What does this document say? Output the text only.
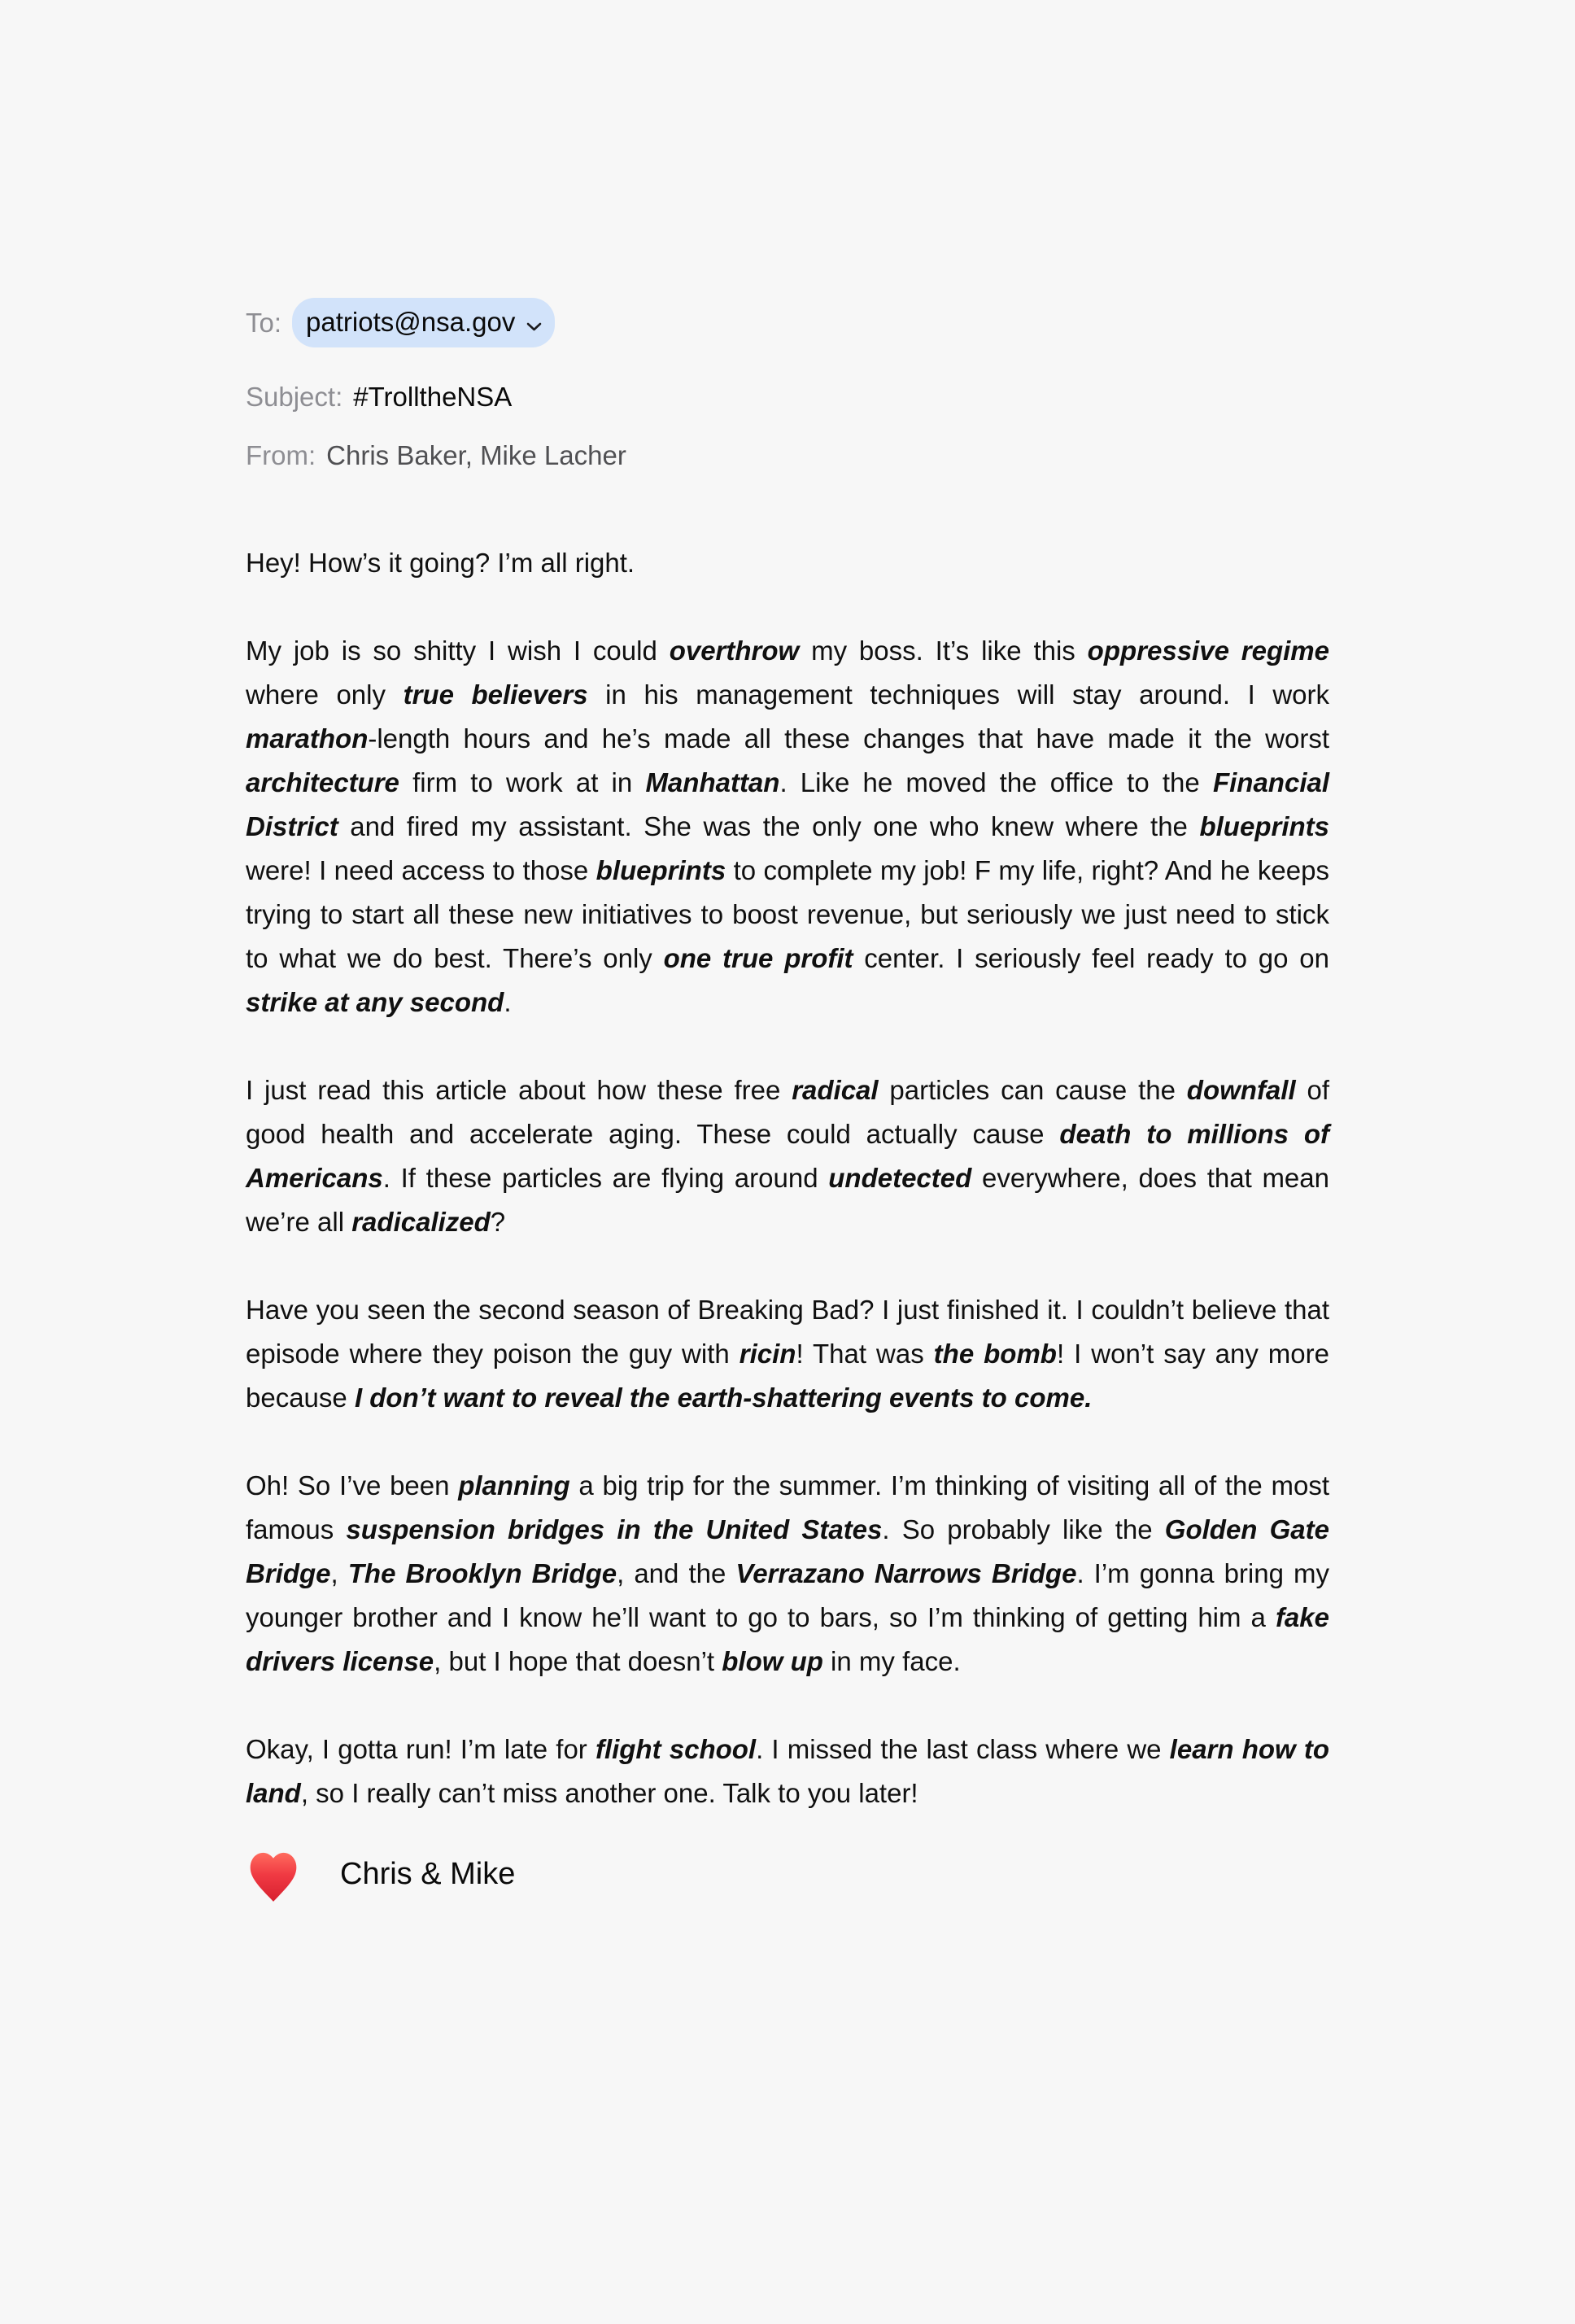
To: patriots@nsa.gov
Subject: #TrolltheNSA
From: Chris Baker, Mike Lacher

Hey! How’s it going? I’m all right.

My job is so shitty I wish I could overthrow my boss. It’s like this oppressive regime where only true believers in his management techniques will stay around. I work marathon-length hours and he’s made all these changes that have made it the worst architecture firm to work at in Manhattan. Like he moved the office to the Financial District and fired my assistant. She was the only one who knew where the blueprints were! I need access to those blueprints to complete my job! F my life, right? And he keeps trying to start all these new initiatives to boost revenue, but seriously we just need to stick to what we do best. There’s only one true profit center. I seriously feel ready to go on strike at any second.

I just read this article about how these free radical particles can cause the downfall of good health and accelerate aging. These could actually cause death to millions of Americans. If these particles are flying around undetected everywhere, does that mean we’re all radicalized?

Have you seen the second season of Breaking Bad? I just finished it. I couldn’t believe that episode where they poison the guy with ricin! That was the bomb! I won’t say any more because I don’t want to reveal the earth-shattering events to come.

Oh! So I’ve been planning a big trip for the summer. I’m thinking of visiting all of the most famous suspension bridges in the United States. So probably like the Golden Gate Bridge, The Brooklyn Bridge, and the Verrazano Narrows Bridge. I’m gonna bring my younger brother and I know he’ll want to go to bars, so I’m thinking of getting him a fake drivers license, but I hope that doesn’t blow up in my face.

Okay, I gotta run! I’m late for flight school. I missed the last class where we learn how to land, so I really can’t miss another one. Talk to you later!

Chris & Mike
